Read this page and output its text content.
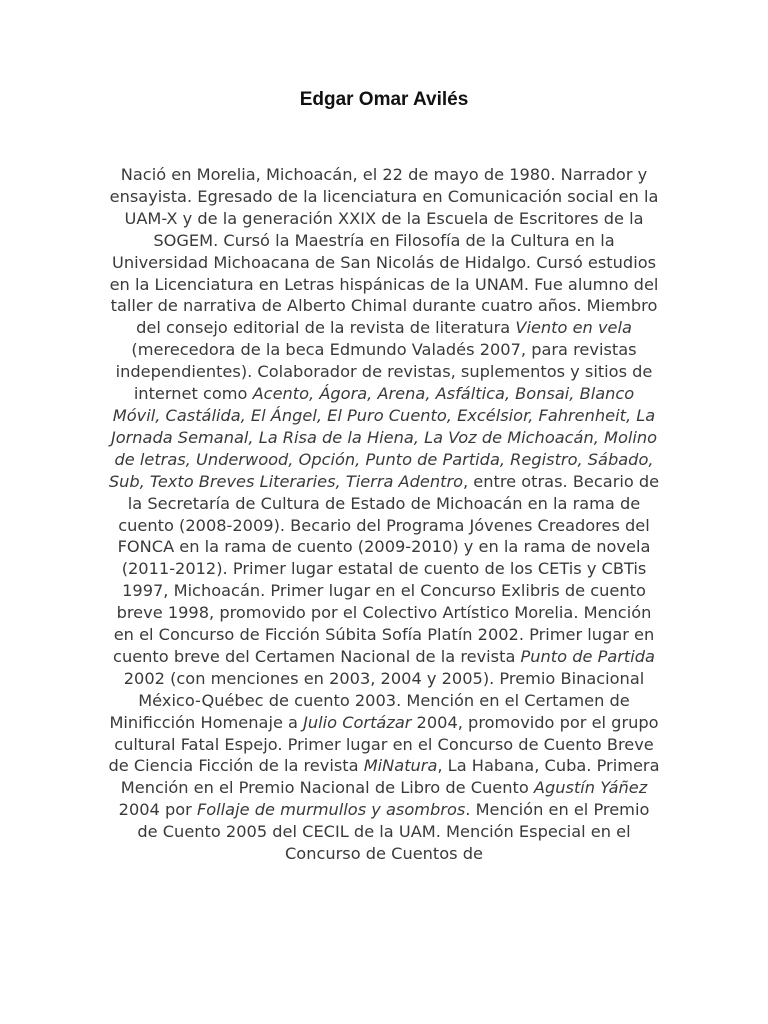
Edgar Omar Avilés

Nació en Morelia, Michoacán, el 22 de mayo de 1980. Narrador y ensayista. Egresado de la licenciatura en Comunicación social en la UAM-X y de la generación XXIX de la Escuela de Escritores de la SOGEM. Cursó la Maestría en Filosofía de la Cultura en la Universidad Michoacana de San Nicolás de Hidalgo. Cursó estudios en la Licenciatura en Letras hispánicas de la UNAM. Fue alumno del taller de narrativa de Alberto Chimal durante cuatro años. Miembro del consejo editorial de la revista de literatura Viento en vela (merecedora de la beca Edmundo Valadés 2007, para revistas independientes). Colaborador de revistas, suplementos y sitios de internet como Acento, Ágora, Arena, Asfáltica, Bonsai, Blanco Móvil, Castálida, El Ángel, El Puro Cuento, Excélsior, Fahrenheit, La Jornada Semanal, La Risa de la Hiena, La Voz de Michoacán, Molino de letras, Underwood, Opción, Punto de Partida, Registro, Sábado, Sub, Texto Breves Literaries, Tierra Adentro, entre otras. Becario de la Secretaría de Cultura de Estado de Michoacán en la rama de cuento (2008-2009). Becario del Programa Jóvenes Creadores del FONCA en la rama de cuento (2009-2010) y en la rama de novela (2011-2012). Primer lugar estatal de cuento de los CETis y CBTis 1997, Michoacán. Primer lugar en el Concurso Exlibris de cuento breve 1998, promovido por el Colectivo Artístico Morelia. Mención en el Concurso de Ficción Súbita Sofía Platín 2002. Primer lugar en cuento breve del Certamen Nacional de la revista Punto de Partida 2002 (con menciones en 2003, 2004 y 2005). Premio Binacional México-Québec de cuento 2003. Mención en el Certamen de Minificción Homenaje a Julio Cortázar 2004, promovido por el grupo cultural Fatal Espejo. Primer lugar en el Concurso de Cuento Breve de Ciencia Ficción de la revista MiNatura, La Habana, Cuba. Primera Mención en el Premio Nacional de Libro de Cuento Agustín Yáñez 2004 por Follaje de murmullos y asombros. Mención en el Premio de Cuento 2005 del CECIL de la UAM. Mención Especial en el Concurso de Cuentos de
